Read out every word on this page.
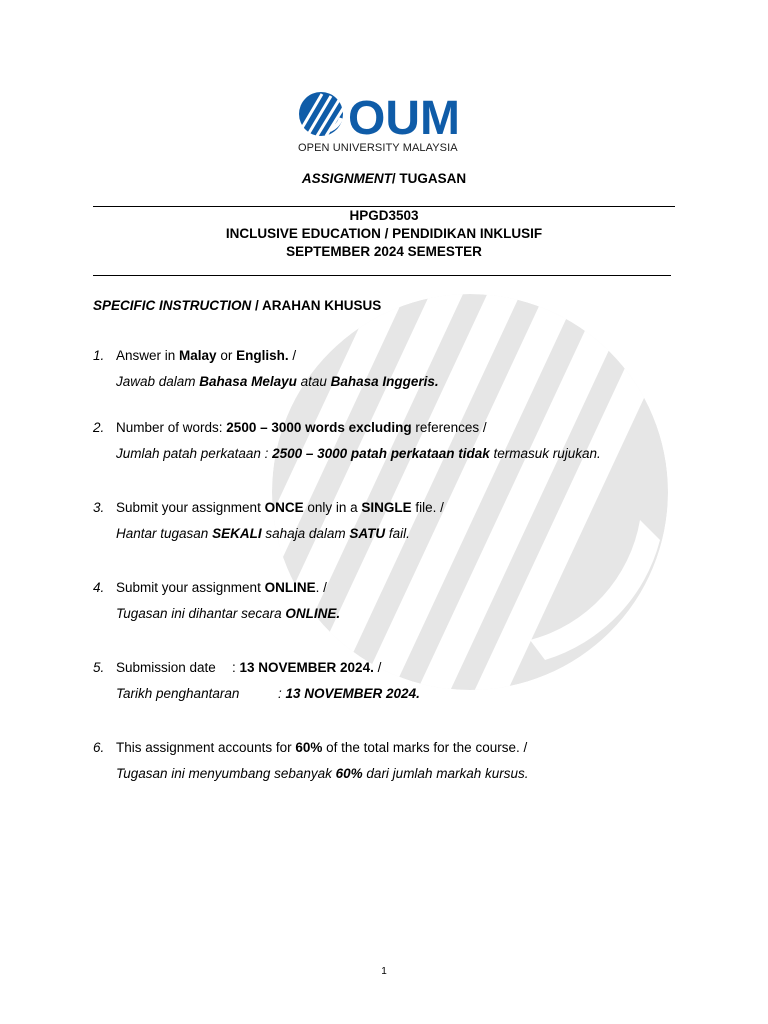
OUM
OPEN UNIVERSITY MALAYSIA
ASSIGNMENT/ TUGASAN
HPGD3503
INCLUSIVE EDUCATION / PENDIDIKAN INKLUSIF
SEPTEMBER 2024 SEMESTER
SPECIFIC INSTRUCTION / ARAHAN KHUSUS
1. Answer in Malay or English. /
Jawab dalam Bahasa Melayu atau Bahasa Inggeris.
2. Number of words: 2500 – 3000 words excluding references /
Jumlah patah perkataan : 2500 – 3000 patah perkataan tidak termasuk rujukan.
3. Submit your assignment ONCE only in a SINGLE file. /
Hantar tugasan SEKALI sahaja dalam SATU fail.
4. Submit your assignment ONLINE. /
Tugasan ini dihantar secara ONLINE.
5. Submission date : 13 NOVEMBER 2024. /
Tarikh penghantaran	: 13 NOVEMBER 2024.
6. This assignment accounts for 60% of the total marks for the course. /
Tugasan ini menyumbang sebanyak 60% dari jumlah markah kursus.
1
